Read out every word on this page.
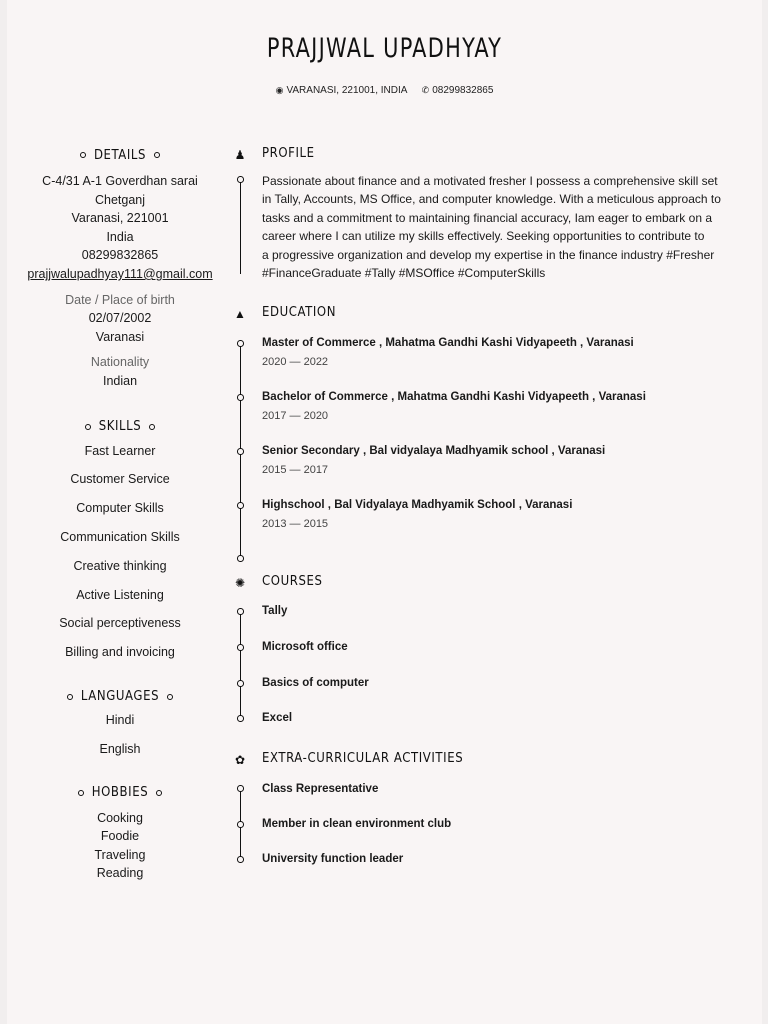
PRAJJWAL UPADHYAY
◉ VARANASI, 221001, INDIA ✆ 08299832865
DETAILS
C-4/31 A-1 Goverdhan sarai
Chetganj
Varanasi, 221001
India
08299832865
prajjwalupadhyay111@gmail.com
Date / Place of birth
02/07/2002
Varanasi
Nationality
Indian
SKILLS
Fast Learner
Customer Service
Computer Skills
Communication Skills
Creative thinking
Active Listening
Social perceptiveness
Billing and invoicing
LANGUAGES
Hindi
English
HOBBIES
Cooking
Foodie
Traveling
Reading
♟ PROFILE
Passionate about finance and a motivated fresher I possess a comprehensive skill set
in Tally, Accounts, MS Office, and computer knowledge. With a meticulous approach to
tasks and a commitment to maintaining financial accuracy, Iam eager to embark on a
career where I can utilize my skills effectively. Seeking opportunities to contribute to
a progressive organization and develop my expertise in the finance industry #Fresher
#FinanceGraduate #Tally #MSOffice #ComputerSkills
▲ EDUCATION
Master of Commerce , Mahatma Gandhi Kashi Vidyapeeth , Varanasi
2020 — 2022
Bachelor of Commerce , Mahatma Gandhi Kashi Vidyapeeth , Varanasi
2017 — 2020
Senior Secondary , Bal vidyalaya Madhyamik school , Varanasi
2015 — 2017
Highschool , Bal Vidyalaya Madhyamik School , Varanasi
2013 — 2015
✺ COURSES
Tally
Microsoft office
Basics of computer
Excel
✿ EXTRA-CURRICULAR ACTIVITIES
Class Representative
Member in clean environment club
University function leader
